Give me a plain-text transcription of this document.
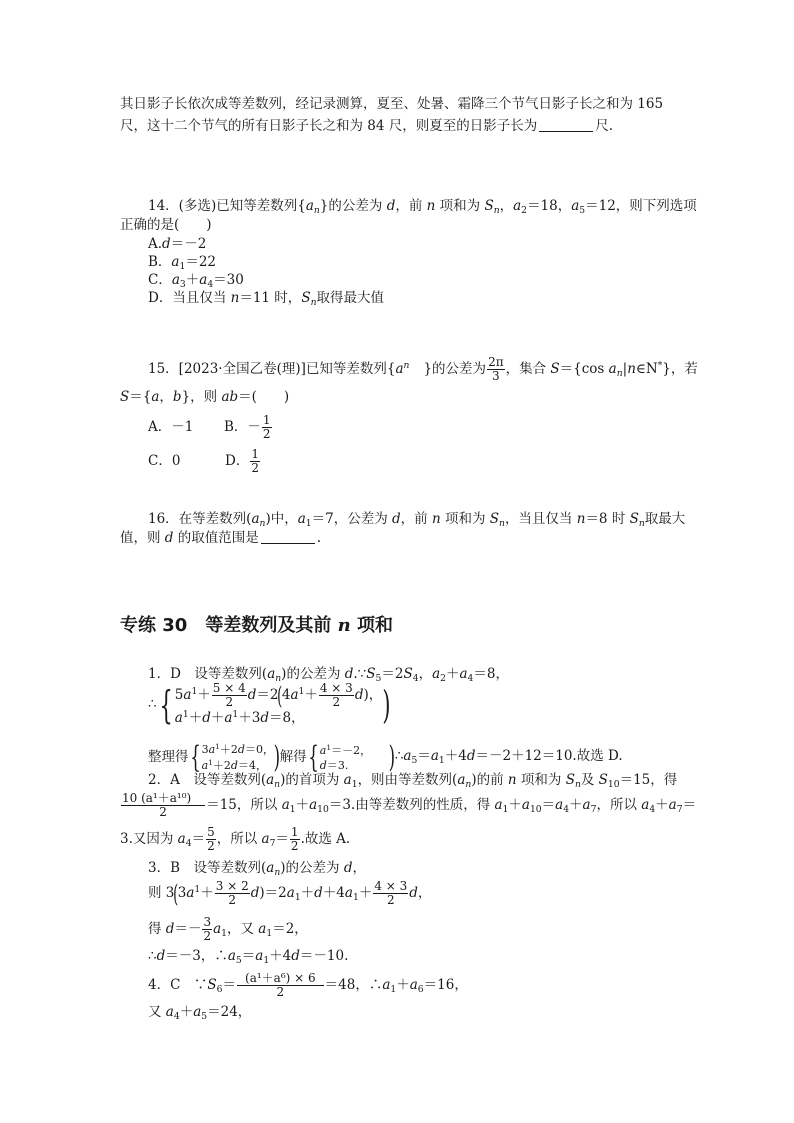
其日影子长依次成等差数列，经记录测算，夏至、处暑、霜降三个节气日影子长之和为 165
尺，这十二个节气的所有日影子长之和为 84 尺，则夏至的日影子长为	尺.
14．(多选)已知等差数列$\{a_n\}$的公差为 d，前 n 项和为 $S_n$，$a_2=18$，$a_5=12$，则下列选项
正确的是(　　)
A.d＝－2
B．$a_1=22$
C．$a_3+a_4=30$
D．当且仅当 n＝11 时，$S_n$取得最大值
15．[2023·全国乙卷(理)]已知等差数列{$a^n$ }的公差为 $\frac{2\pi}{3}$ ，集合 S＝{cos $a_n|n\in N^*$}，若
S＝{a，b}，则 ab＝(　　)
A．－1 B．－ $\frac{1}{2}$
C．0	D． $\frac{1}{2}$
16．在等差数列$(a_n)$中，$a_1=7$，公差为 d，前 n 项和为 $S_n$，当且仅当 n＝8 时 $S_n$取最大
值，则 d 的取值范围是	.
专练 30　等差数列及其前 n 项和
1．D　设等差数列$(a_n)$的公差为 $d.\because S_5=2S_4$，$a_2+a_4=8$，
∴{ $5a^1+ \frac{5 \times 4}{2} d=2(4a^1+ \frac{4 \times 3}{2} d)$，
$a^1+d+a^1+3d=8$，	)
整理得{ $3a^1+2d=0$，
$a^1+2d=4$， )解得{ $a^1=-2$，
d＝3.	)$\therefore a_5=a_1+4d=-2+12=10$.故选 D.
2．A　设等差数列$(a_n)$的首项为 $a_1$，则由等差数列$(a_n)$的前 n 项和为 $S_n$及 $S_{10}=15$，得
$\frac{\text{10 (a¹＋a¹⁰)}}{2} =15$，所以 $a_1+a_{10}=3$.由等差数列的性质，得 $a_1+a_{10}=a_4+a_7$，所以 $a_4+a_7=$
3.又因为 $a_4= \frac{5}{2}$ ，所以 $a_7= \frac{1}{2}$ .故选 A.
3．B　设等差数列$(a_n)$的公差为 d，
则 $3(3a^1+ \frac{3 \times 2}{2} d)=2a_1+d+4a_1+ \frac{4 \times 3}{2}$ d，
得 $d=- \frac{3}{2} a_1$，又 $a_1=2$，
∴d＝－3，$\therefore a_5=a_1+4d=-10$.
4．C　$\because S_6= \frac{\text{(a¹＋a⁶) × 6}}{2} =48$，$\therefore a_1+a_6=16$，
又 $a_4+a_5=24$，
